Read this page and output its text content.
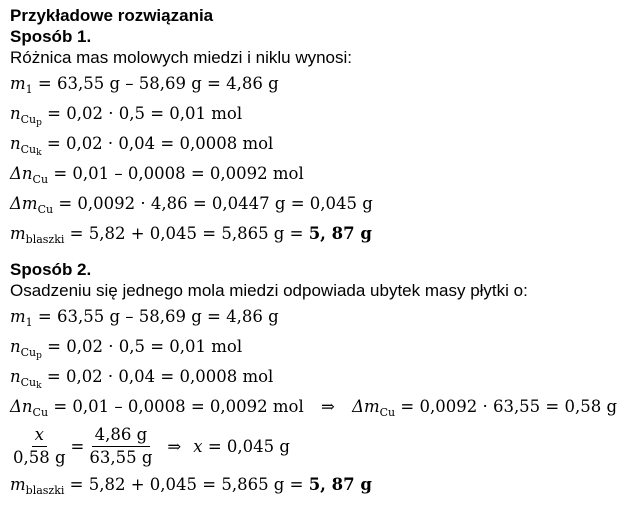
Przykładowe rozwiązania
Sposób 1.
Różnica mas molowych miedzi i niklu wynosi:
$m_1 = 63,55$ g – 58,69 g = 4,86 g
$n_{Cu_p} = 0,02 \cdot 0,5 = 0,01$ mol
$n_{Cu_k} = 0,02 \cdot 0,04 = 0,0008$ mol
$\Delta n_{Cu} = 0,01 - 0,0008 = 0,0092$ mol
$\Delta m_{Cu} = 0,0092 \cdot 4,86 = 0,0447$ g = 0,045 g
$m_{blaszki} = 5,82 + 0,045 = 5,865$ g = 5, 87 g
Sposób 2.
Osadzeniu się jednego mola miedzi odpowiada ubytek masy płytki o:
$m_1 = 63,55$ g – 58,69 g = 4,86 g
$n_{Cu_p} = 0,02 \cdot 0,5 = 0,01$ mol
$n_{Cu_k} = 0,02 \cdot 0,04 = 0,0008$ mol
$\Delta n_{Cu} = 0,01 - 0,0008 = 0,0092$ mol ⇒ $\Delta m_{Cu} = 0,0092 \cdot 63,55 = 0,58$ g
$\frac{x}{0,58 g} = \frac{4,86 g}{63,55 g}$ ⇒ x
= 0,045 g
$m_{blaszki} = 5,82 + 0,045 = 5,865$ g = 5, 87 g
